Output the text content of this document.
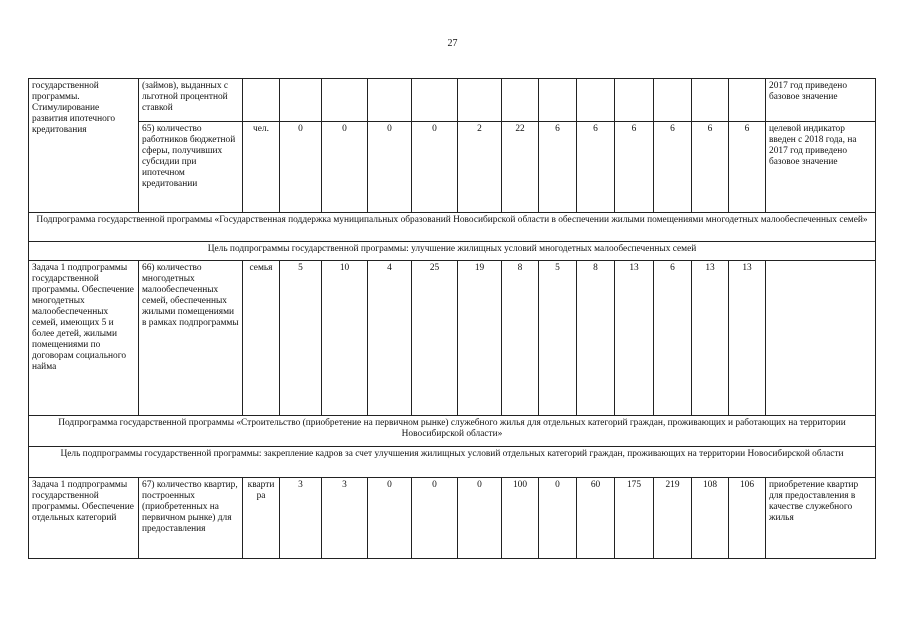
27
государственной программы. Стимулирование развития ипотечного кредитования	(займов), выданных с льготной процентной ставкой														2017 год приведено базовое значение
	65) количество работников бюджетной сферы, получивших субсидии при ипотечном кредитовании	чел.	0	0	0	0	2	22	6	6	6	6	6	6	целевой индикатор введен с 2018 года, на 2017 год приведено базовое значение
Подпрограмма государственной программы «Государственная поддержка муниципальных образований Новосибирской области в обеспечении жилыми помещениями многодетных малообеспеченных семей»															
Цель подпрограммы государственной программы: улучшение жилищных условий многодетных малообеспеченных семей															
Задача 1 подпрограммы государственной программы. Обеспечение многодетных малообеспеченных семей, имеющих 5 и более детей, жилыми помещениями по договорам социального найма	66) количество многодетных малообеспеченных семей, обеспеченных жилыми помещениями в рамках подпрограммы	семья	5	10	4	25	19	8	5	8	13	6	13	13	
Подпрограмма государственной программы «Строительство (приобретение на первичном рынке) служебного жилья для отдельных категорий граждан, проживающих и работающих на территории Новосибирской области»															
Цель подпрограммы государственной программы: закрепление кадров за счет улучшения жилищных условий отдельных категорий граждан, проживающих на территории Новосибирской области															
Задача 1 подпрограммы государственной программы. Обеспечение отдельных категорий	67) количество квартир, построенных (приобретенных на первичном рынке) для предоставления	кварти ра	3	3	0	0	0	100	0	60	175	219	108	106	приобретение квартир для предоставления в качестве служебного жилья
